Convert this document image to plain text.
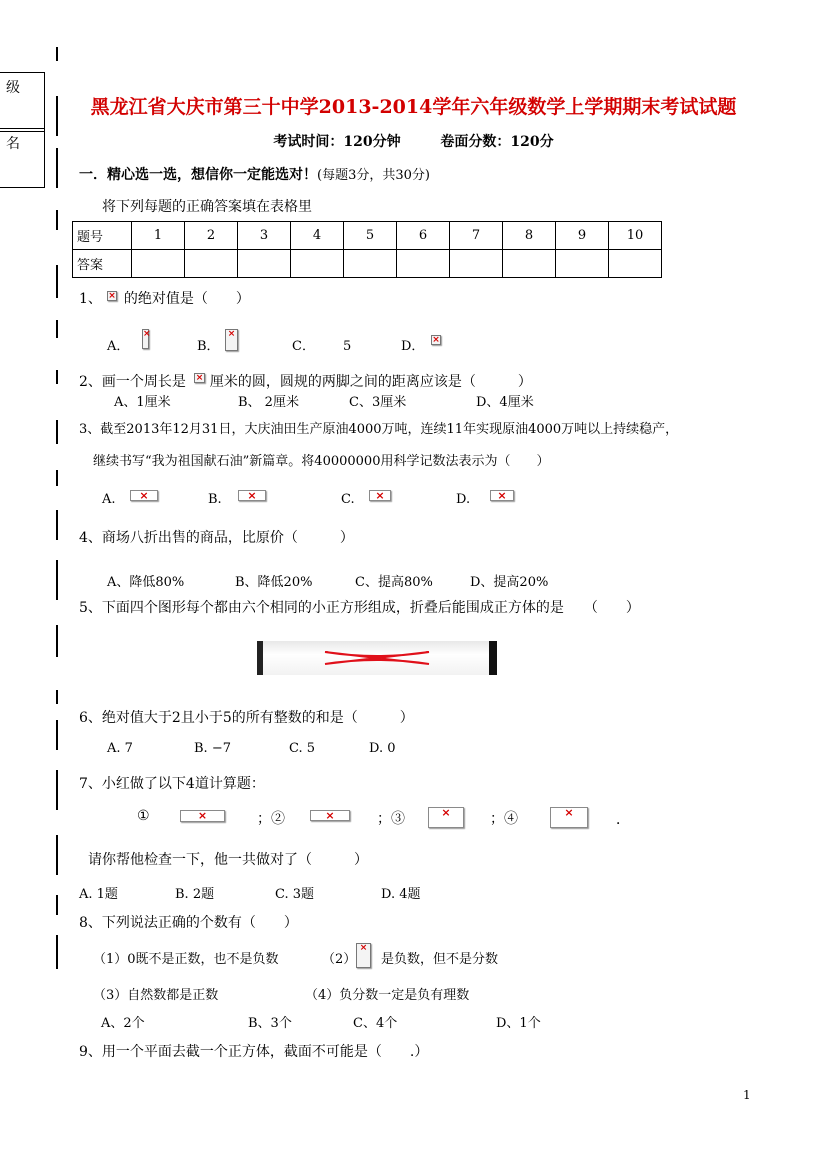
级
名
黑龙江省大庆市第三十中学2013-2014学年六年级数学上学期期末考试试题
考试时间：120分钟	卷面分数：120分
一．精心选一选，想信你一定能选对！(每题3分，共30分)
将下列每题的正确答案填在表格里
题号	1	2	3	4	5	6	7	8	9	10
答案										
1、 的绝对值是（　　）
×
A． ×	B． ×	C． 5	D．
×
2、画一个周长是 厘米的圆，圆规的两脚之间的距离应该是（　　　）
×
A、1厘米	B、 2厘米	C、3厘米	D、4厘米
3、截至2013年12月31日，大庆油田生产原油4000万吨，连续11年实现原油4000万吨以上持续稳产，
继续书写“我为祖国献石油”新篇章。将40000000用科学记数法表示为（　　）
A. ×	B. ×	C. ×	D.
×
4、商场八折出售的商品，比原价（　　　）
A、降低80%	B、降低20%	C、提高80%	D、提高20%
5、下面四个图形每个都由六个相同的小正方形组成，折叠后能围成正方体的是 （　　）
6、绝对值大于2且小于5的所有整数的和是（　　　）
A. 7	B. −7	C. 5	D. 0
7、小红做了以下4道计算题：
① ×	；② ×	；③ ×	；④ ×	．
请你帮他检查一下，他一共做对了（　　　）
A. 1题	B. 2题	C. 3题	D. 4题
8、下列说法正确的个数有（　　）
（1）0既不是正数，也不是负数	（2） × 是负数，但不是分数
（3）自然数都是正数	（4）负分数一定是负有理数
A、2个	B、3个	C、4个	D、1个
9、用一个平面去截一个正方体，截面不可能是（　　.）
1
